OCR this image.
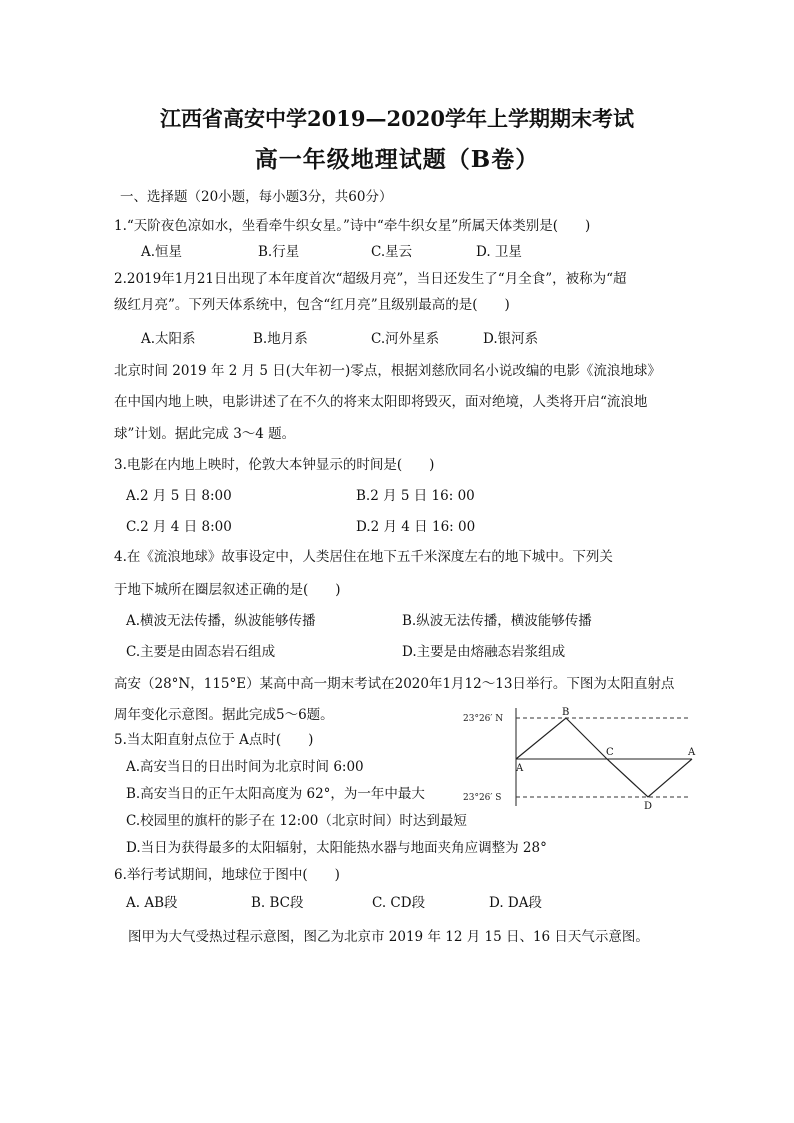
江西省高安中学2019—2020学年上学期期末考试
高一年级地理试题（B卷）
一、选择题（20小题，每小题3分，共60分）
1.“天阶夜色凉如水，坐看牵牛织女星。”诗中“牵牛织女星”所属天体类别是(　　)
A.恒星	B.行星	C.星云	D. 卫星
2.2019年1月21日出现了本年度首次“超级月亮”，当日还发生了“月全食”，被称为“超
级红月亮”。下列天体系统中，包含“红月亮”且级别最高的是(　　)
A.太阳系	B.地月系	C.河外星系	D.银河系
北京时间 2019 年 2 月 5 日(大年初一)零点，根据刘慈欣同名小说改编的电影《流浪地球》
在中国内地上映，电影讲述了在不久的将来太阳即将毁灭，面对绝境，人类将开启“流浪地
球”计划。据此完成 3～4 题。
3.电影在内地上映时，伦敦大本钟显示的时间是(　　)
A.2 月 5 日 8:00	B.2 月 5 日 16: 00
C.2 月 4 日 8:00	D.2 月 4 日 16: 00
4.在《流浪地球》故事设定中，人类居住在地下五千米深度左右的地下城中。下列关
于地下城所在圈层叙述正确的是(　　)
A.横波无法传播，纵波能够传播	B.纵波无法传播，横波能够传播
C.主要是由固态岩石组成	D.主要是由熔融态岩浆组成
高安（28°N，115°E）某高中高一期末考试在2020年1月12～13日举行。下图为太阳直射点
周年变化示意图。据此完成5～6题。	23°26′ N
23°26′ S
A
B
C
D
A
5.当太阳直射点位于 A点时(　　)
A.高安当日的日出时间为北京时间 6:00
B.高安当日的正午太阳高度为 62°，为一年中最大
C.校园里的旗杆的影子在 12:00（北京时间）时达到最短
D.当日为获得最多的太阳辐射，太阳能热水器与地面夹角应调整为 28°
6.举行考试期间，地球位于图中(　　)
A. AB段	B. BC段	C. CD段	D. DA段
图甲为大气受热过程示意图，图乙为北京市 2019 年 12 月 15 日、16 日天气示意图。
